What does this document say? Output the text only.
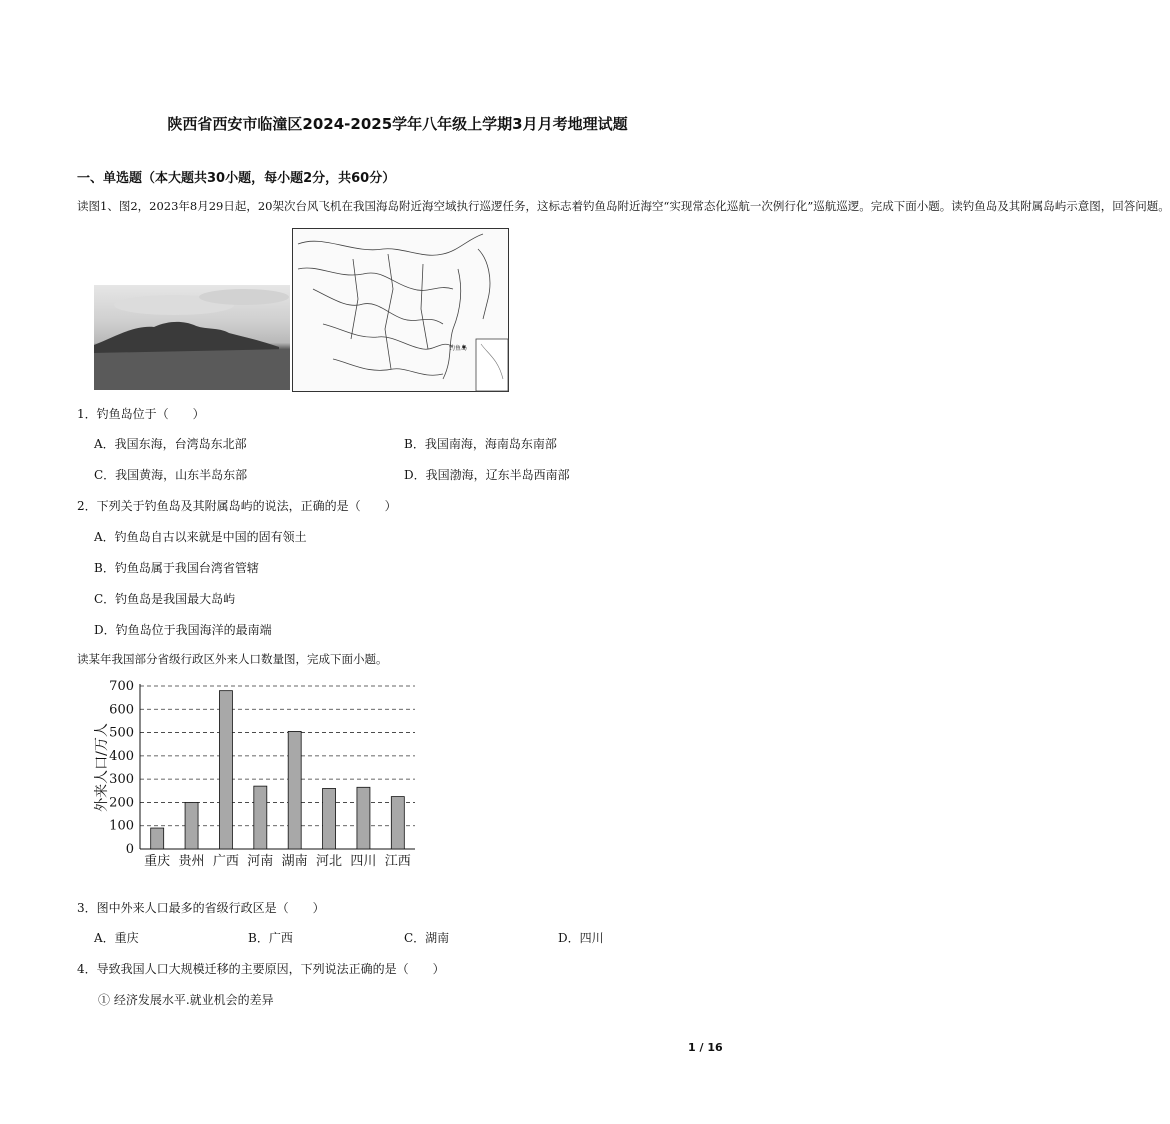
陕西省西安市临潼区2024-2025学年八年级上学期3月月考地理试题
一、单选题（本大题共30小题，每小题2分，共60分）
读图1、图2，2023年8月29日起，20架次台风飞机在我国海岛附近海空域执行巡逻任务，这标志着钓鱼岛附近海空“实现常态化巡航一次例行化”巡航巡逻。完成下面小题。读钓鱼岛及其附属岛屿示意图，回答问题。
钓鱼岛
1．钓鱼岛位于（　　）
A．我国东海，台湾岛东北部	B．我国南海，海南岛东南部
C．我国黄海，山东半岛东部	D．我国渤海，辽东半岛西南部
2．下列关于钓鱼岛及其附属岛屿的说法，正确的是（　　）
A．钓鱼岛自古以来就是中国的固有领土
B．钓鱼岛属于我国台湾省管辖
C．钓鱼岛是我国最大岛屿
D．钓鱼岛位于我国海洋的最南端
读某年我国部分省级行政区外来人口数量图，完成下面小题。
0
100
200
300
400
500
600
700
重庆 贵州 广西 河南 湖南 河北 四川 江西
外来人口/万人
3．图中外来人口最多的省级行政区是（　　）
A．重庆	B．广西	C．湖南	D．四川
4．导致我国人口大规模迁移的主要原因，下列说法正确的是（　　）
① 经济发展水平.就业机会的差异
1 / 16
